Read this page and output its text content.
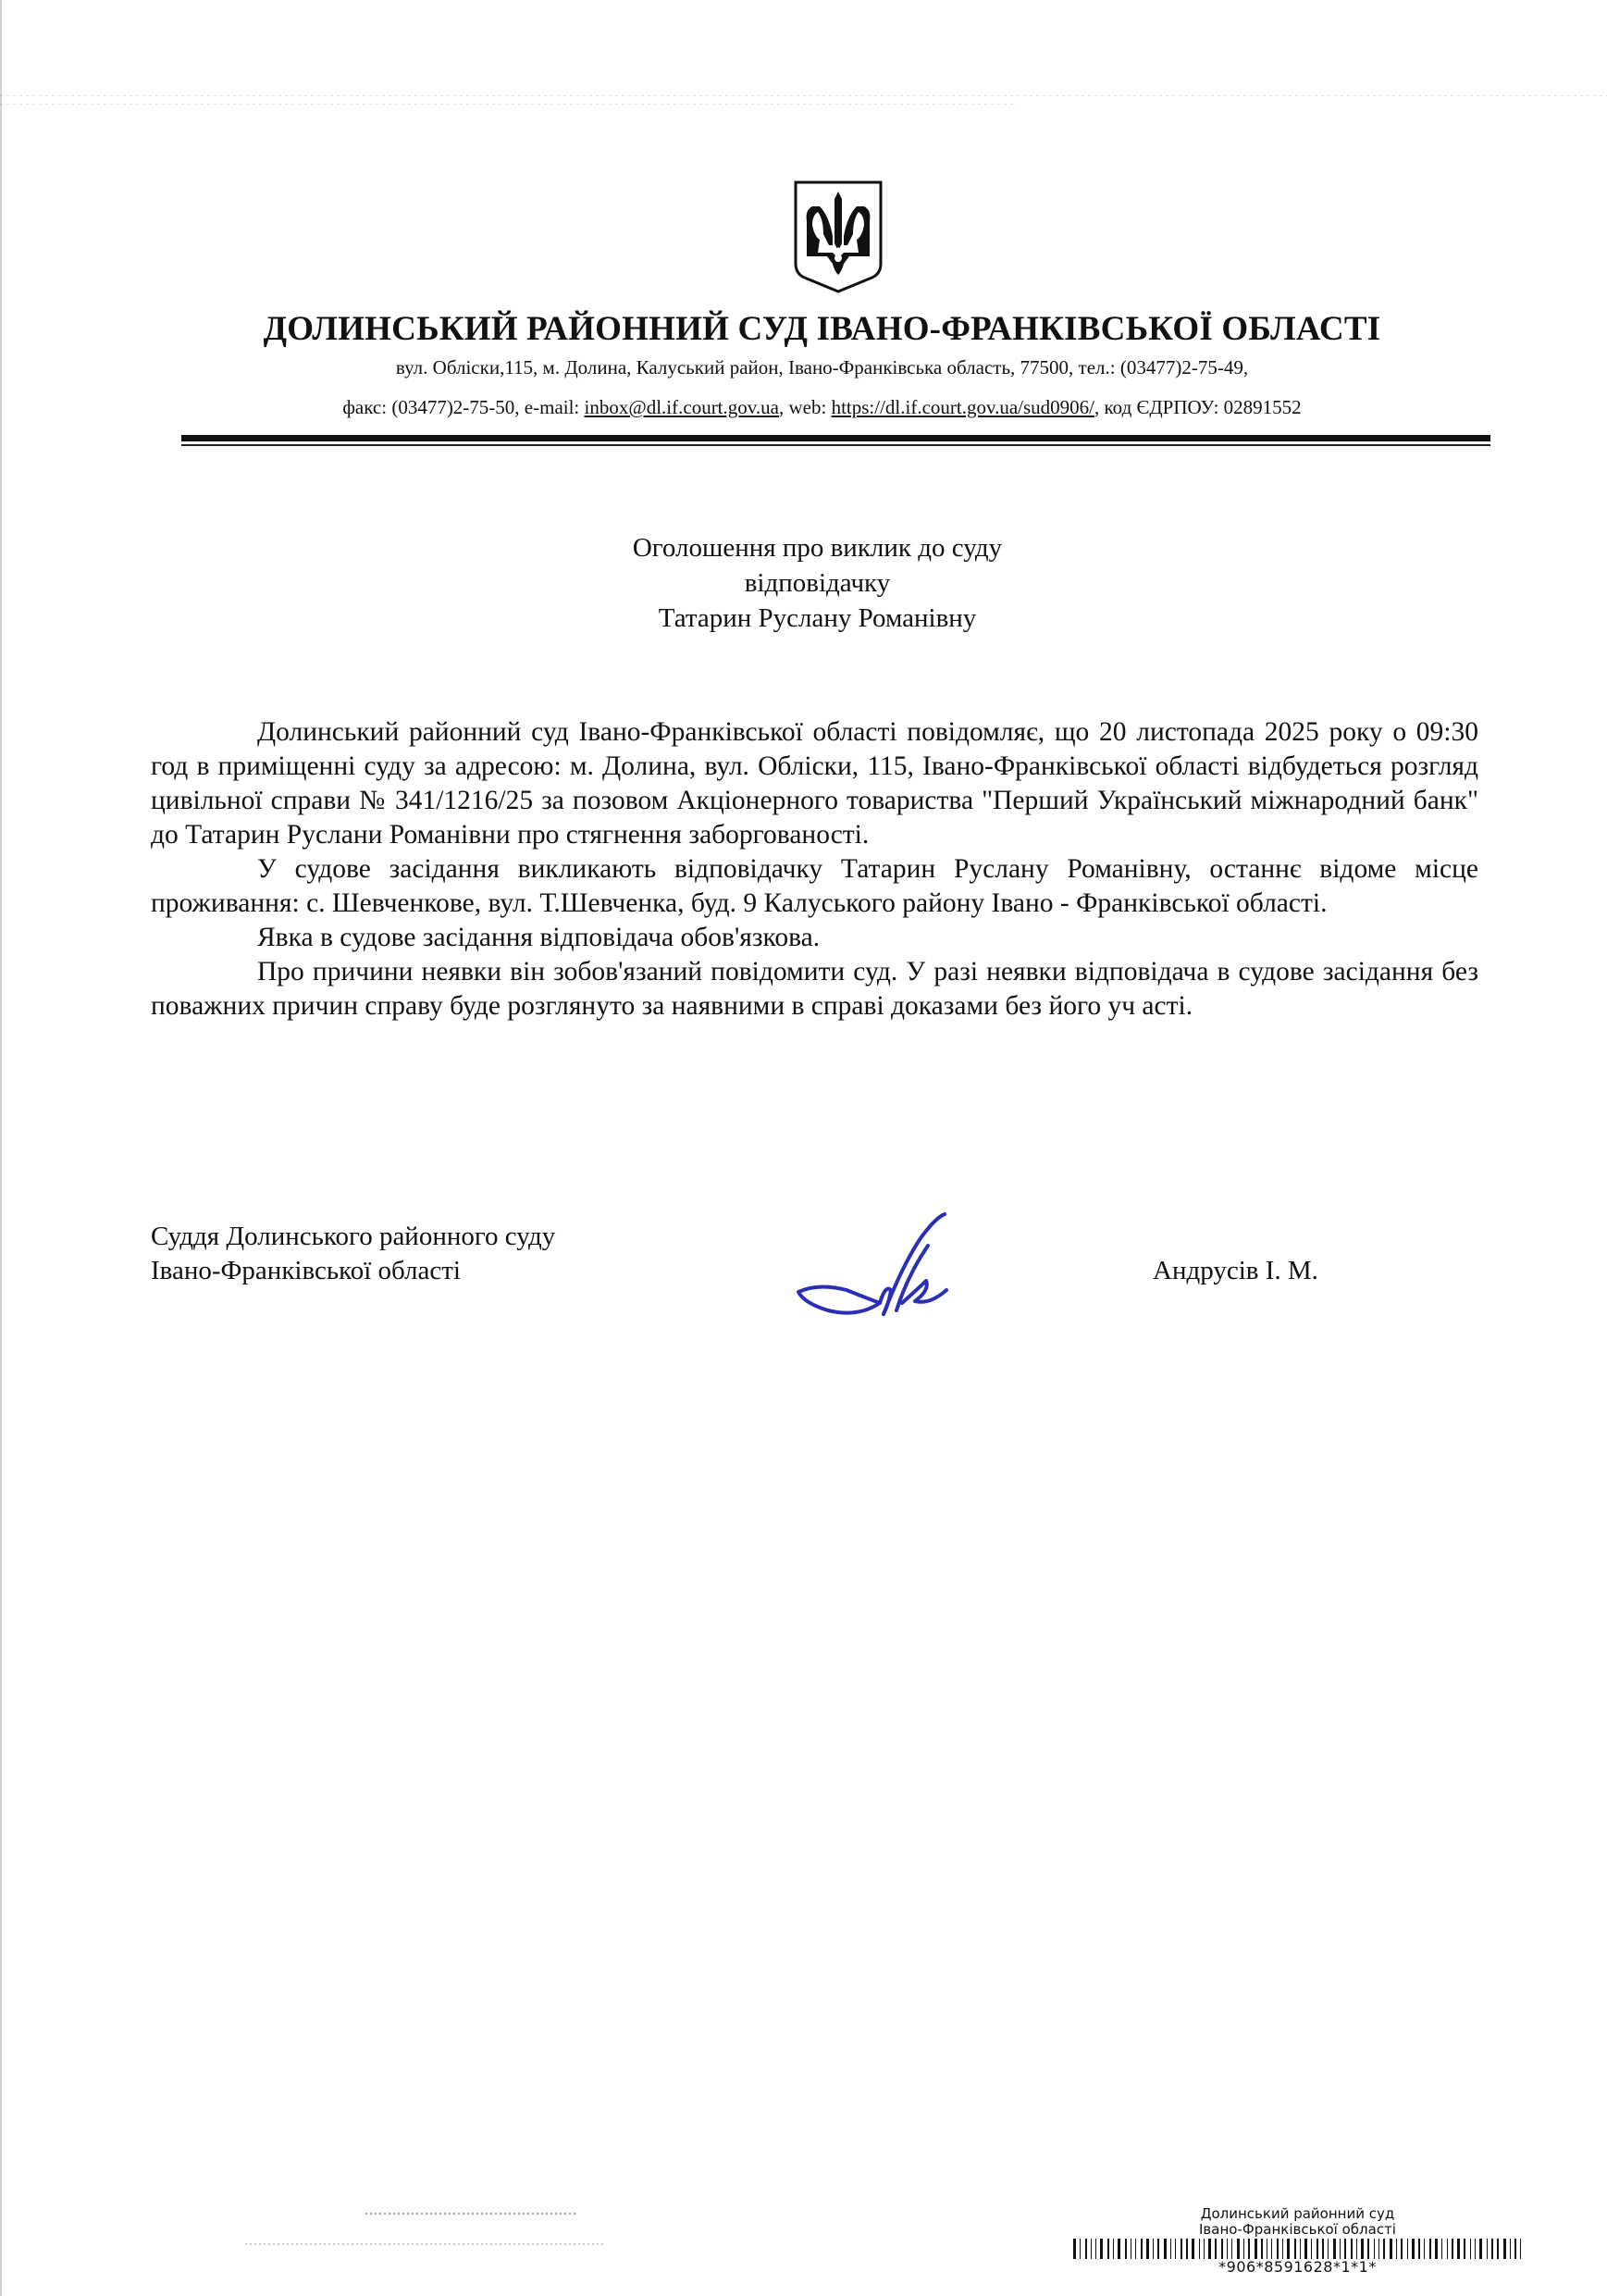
ДОЛИНСЬКИЙ РАЙОННИЙ СУД ІВАНО-ФРАНКІВСЬКОЇ ОБЛАСТІ
вул. Обліски,115, м. Долина, Калуський район, Івано-Франківська область, 77500, тел.: (03477)2-75-49,
факс: (03477)2-75-50, e-mail: inbox@dl.if.court.gov.ua, web: https://dl.if.court.gov.ua/sud0906/, код ЄДРПОУ: 02891552
Оголошення про виклик до суду
відповідачку
Татарин Руслану Романівну

Долинський районний суд Івано-Франківської області повідомляє, що 20 листопада 2025 року о 09:30 год в приміщенні суду за адресою: м. Долина, вул. Обліски, 115, Івано-Франківської області відбудеться розгляд цивільної справи № 341/1216/25 за позовом Акціонерного товариства "Перший Український міжнародний банк" до Татарин Руслани Романівни про стягнення заборгованості.

У судове засідання викликають відповідачку Татарин Руслану Романівну, останнє відоме місце проживання: с. Шевченкове, вул. Т.Шевченка, буд. 9 Калуського району Івано - Франківської області.

Явка в судове засідання відповідача обов'язкова.

Про причини неявки він зобов'язаний повідомити суд. У разі неявки відповідача в судове засідання без поважних причин справу буде розглянуто за наявними в справі доказами без його уч асті.

Суддя Долинського районного суду
Івано-Франківської області	Андрусів І. М.
Долинський районний суд
Івано-Франківської області
*906*8591628*1*1*
